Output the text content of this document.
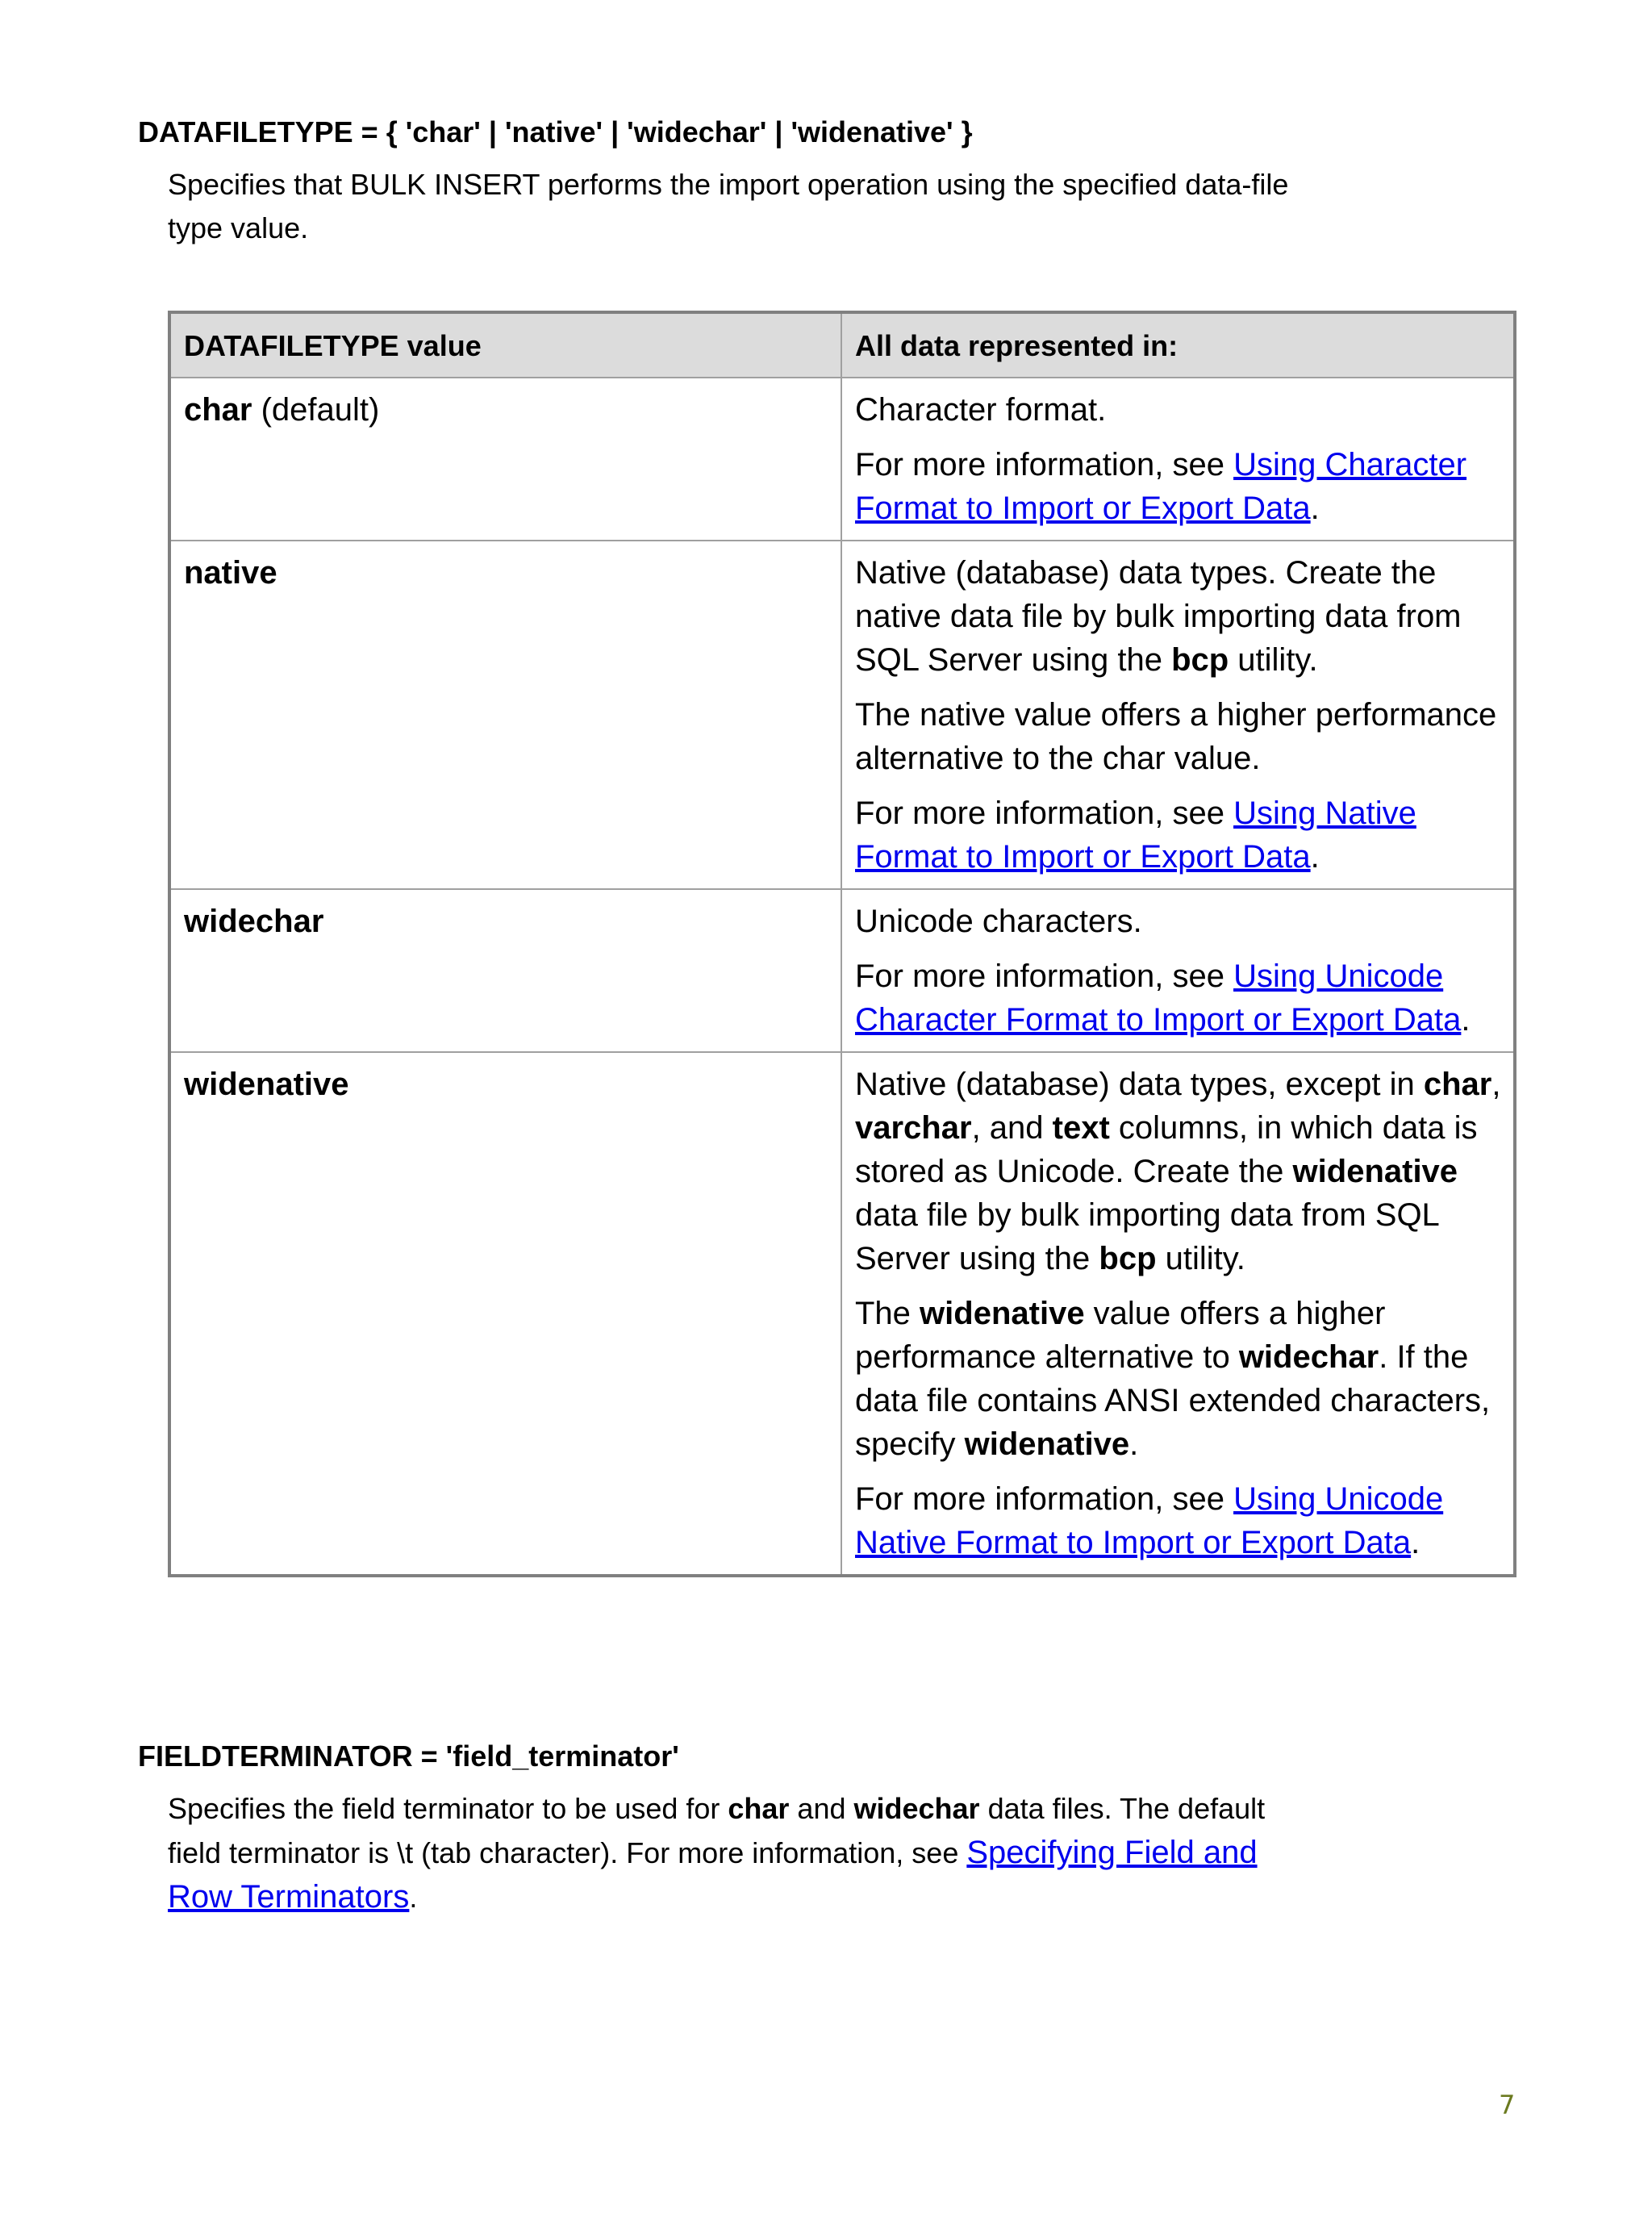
DATAFILETYPE = { 'char' | 'native' | 'widechar' | 'widenative' }
Specifies that BULK INSERT performs the import operation using the specified data-file type value.
DATAFILETYPE value	All data represented in:
char (default)	Character format.

For more information, see Using Character Format to Import or Export Data.

native	Native (database) data types. Create the native data file by bulk importing data from SQL Server using the bcp utility.

The native value offers a higher performance alternative to the char value.

For more information, see Using Native Format to Import or Export Data.

widechar	Unicode characters.

For more information, see Using Unicode Character Format to Import or Export Data.

widenative	Native (database) data types, except in char, varchar, and text columns, in which data is stored as Unicode. Create the widenative data file by bulk importing data from SQL Server using the bcp utility.

The widenative value offers a higher performance alternative to widechar. If the data file contains ANSI extended characters, specify widenative.

For more information, see Using Unicode Native Format to Import or Export Data.

FIELDTERMINATOR = 'field_terminator'
Specifies the field terminator to be used for char and widechar data files. The default field terminator is \t (tab character). For more information, see Specifying Field and Row Terminators.
7
